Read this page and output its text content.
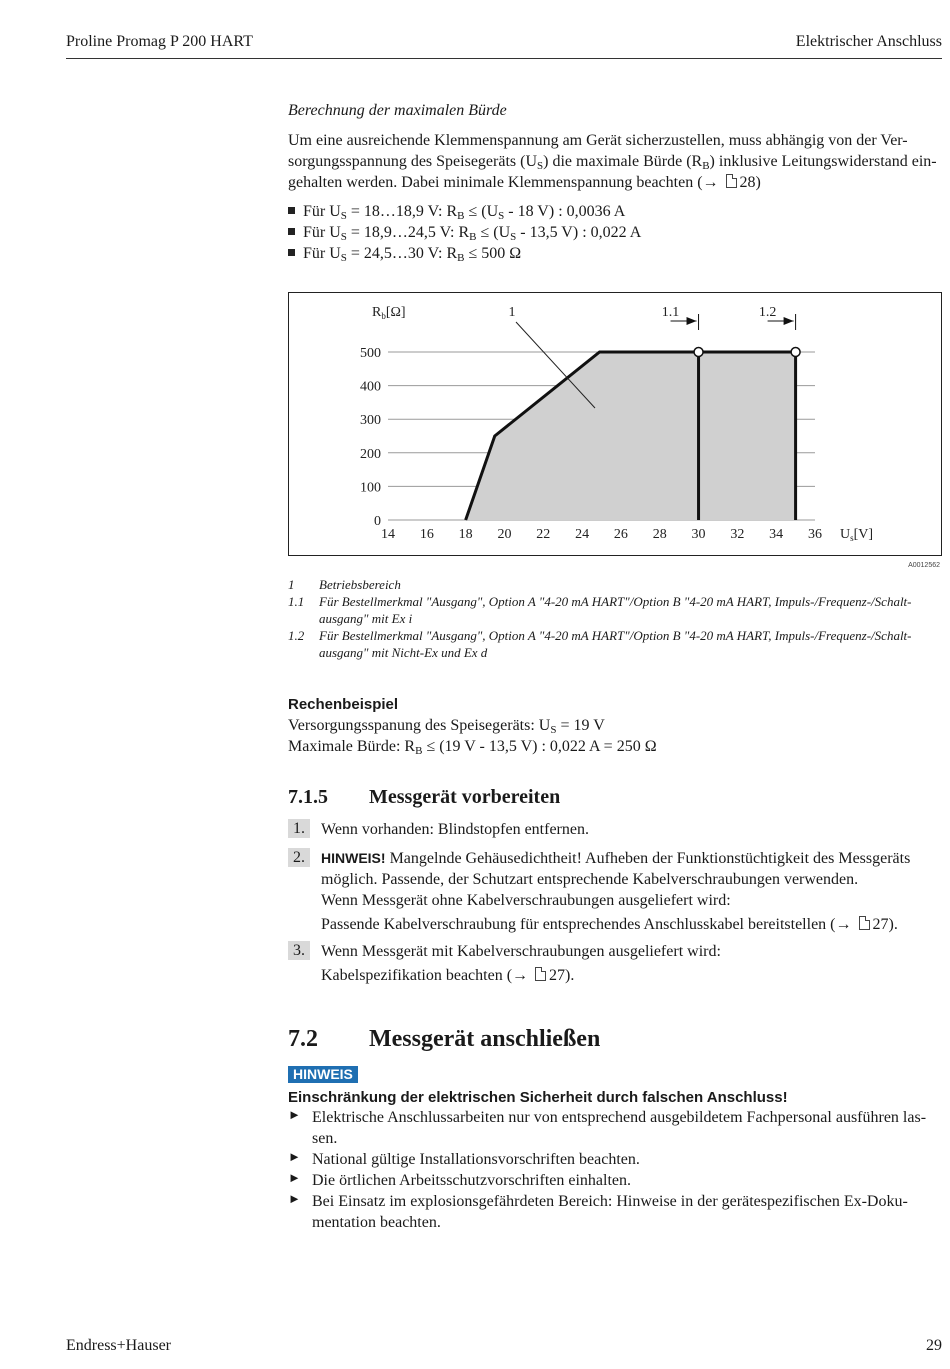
Proline Promag P 200 HART	Elektrischer Anschluss
Berechnung der maximalen Bürde
Um eine ausreichende Klemmenspannung am Gerät sicherzustellen, muss abhängig von der Ver-
sorgungsspannung des Speisegeräts $(U_S)$ die maximale Bürde $(R_B)$ inklusive Leitungswiderstand ein-
gehalten werden. Dabei minimale Klemmenspannung beachten (→ 28)
Für $U_S$ = 18…18,9 V: $R_B \le (U_S - 18$ V) : 0,0036 A
Für $U_S$ = 18,9…24,5 V: $R_B \le (U_S - 13,5$ V) : 0,022 A
Für $U_S$ = 24,5…30 V: $R_B \le 500$ Ω
0
100
200
300
400
500
14 16 18 20 22 24 26 28 30 32 34 36
1.1	1.2
1
$R_b[\Omega]$
$U_s[V]$
A0012562
1 Betriebsbereich
1.1 Für Bestellmerkmal "Ausgang", Option A "4-20 mA HART"/Option B "4-20 mA HART, Impuls-/Frequenz-/Schalt-
ausgang" mit Ex i
1.2 Für Bestellmerkmal "Ausgang", Option A "4-20 mA HART"/Option B "4-20 mA HART, Impuls-/Frequenz-/Schalt-
ausgang" mit Nicht-Ex und Ex d
Rechenbeispiel
Versorgungsspanung des Speisegeräts: $U_S = 19$ V
Maximale Bürde: $R_B \le (19$ V - 13,5 V) : 0,022 A = 250 Ω
7.1.5 Messgerät vorbereiten
1.	Wenn vorhanden: Blindstopfen entfernen.
2.	HINWEIS! Mangelnde Gehäusedichtheit! Aufheben der Funktionstüchtigkeit des Messgeräts
möglich. Passende, der Schutzart entsprechende Kabelverschraubungen verwenden.
Wenn Messgerät ohne Kabelverschraubungen ausgeliefert wird:
Passende Kabelverschraubung für entsprechendes Anschlusskabel bereitstellen (→ 27).
3.	Wenn Messgerät mit Kabelverschraubungen ausgeliefert wird:
Kabelspezifikation beachten (→ 27).
7.2 Messgerät anschließen
HINWEIS
Einschränkung der elektrischen Sicherheit durch falschen Anschluss!
► Elektrische Anschlussarbeiten nur von entsprechend ausgebildetem Fachpersonal ausführen las-
sen.
► National gültige Installationsvorschriften beachten.
► Die örtlichen Arbeitsschutzvorschriften einhalten.
► Bei Einsatz im explosionsgefährdeten Bereich: Hinweise in der gerätespezifischen Ex-Doku-
mentation beachten.
Endress+Hauser	29
